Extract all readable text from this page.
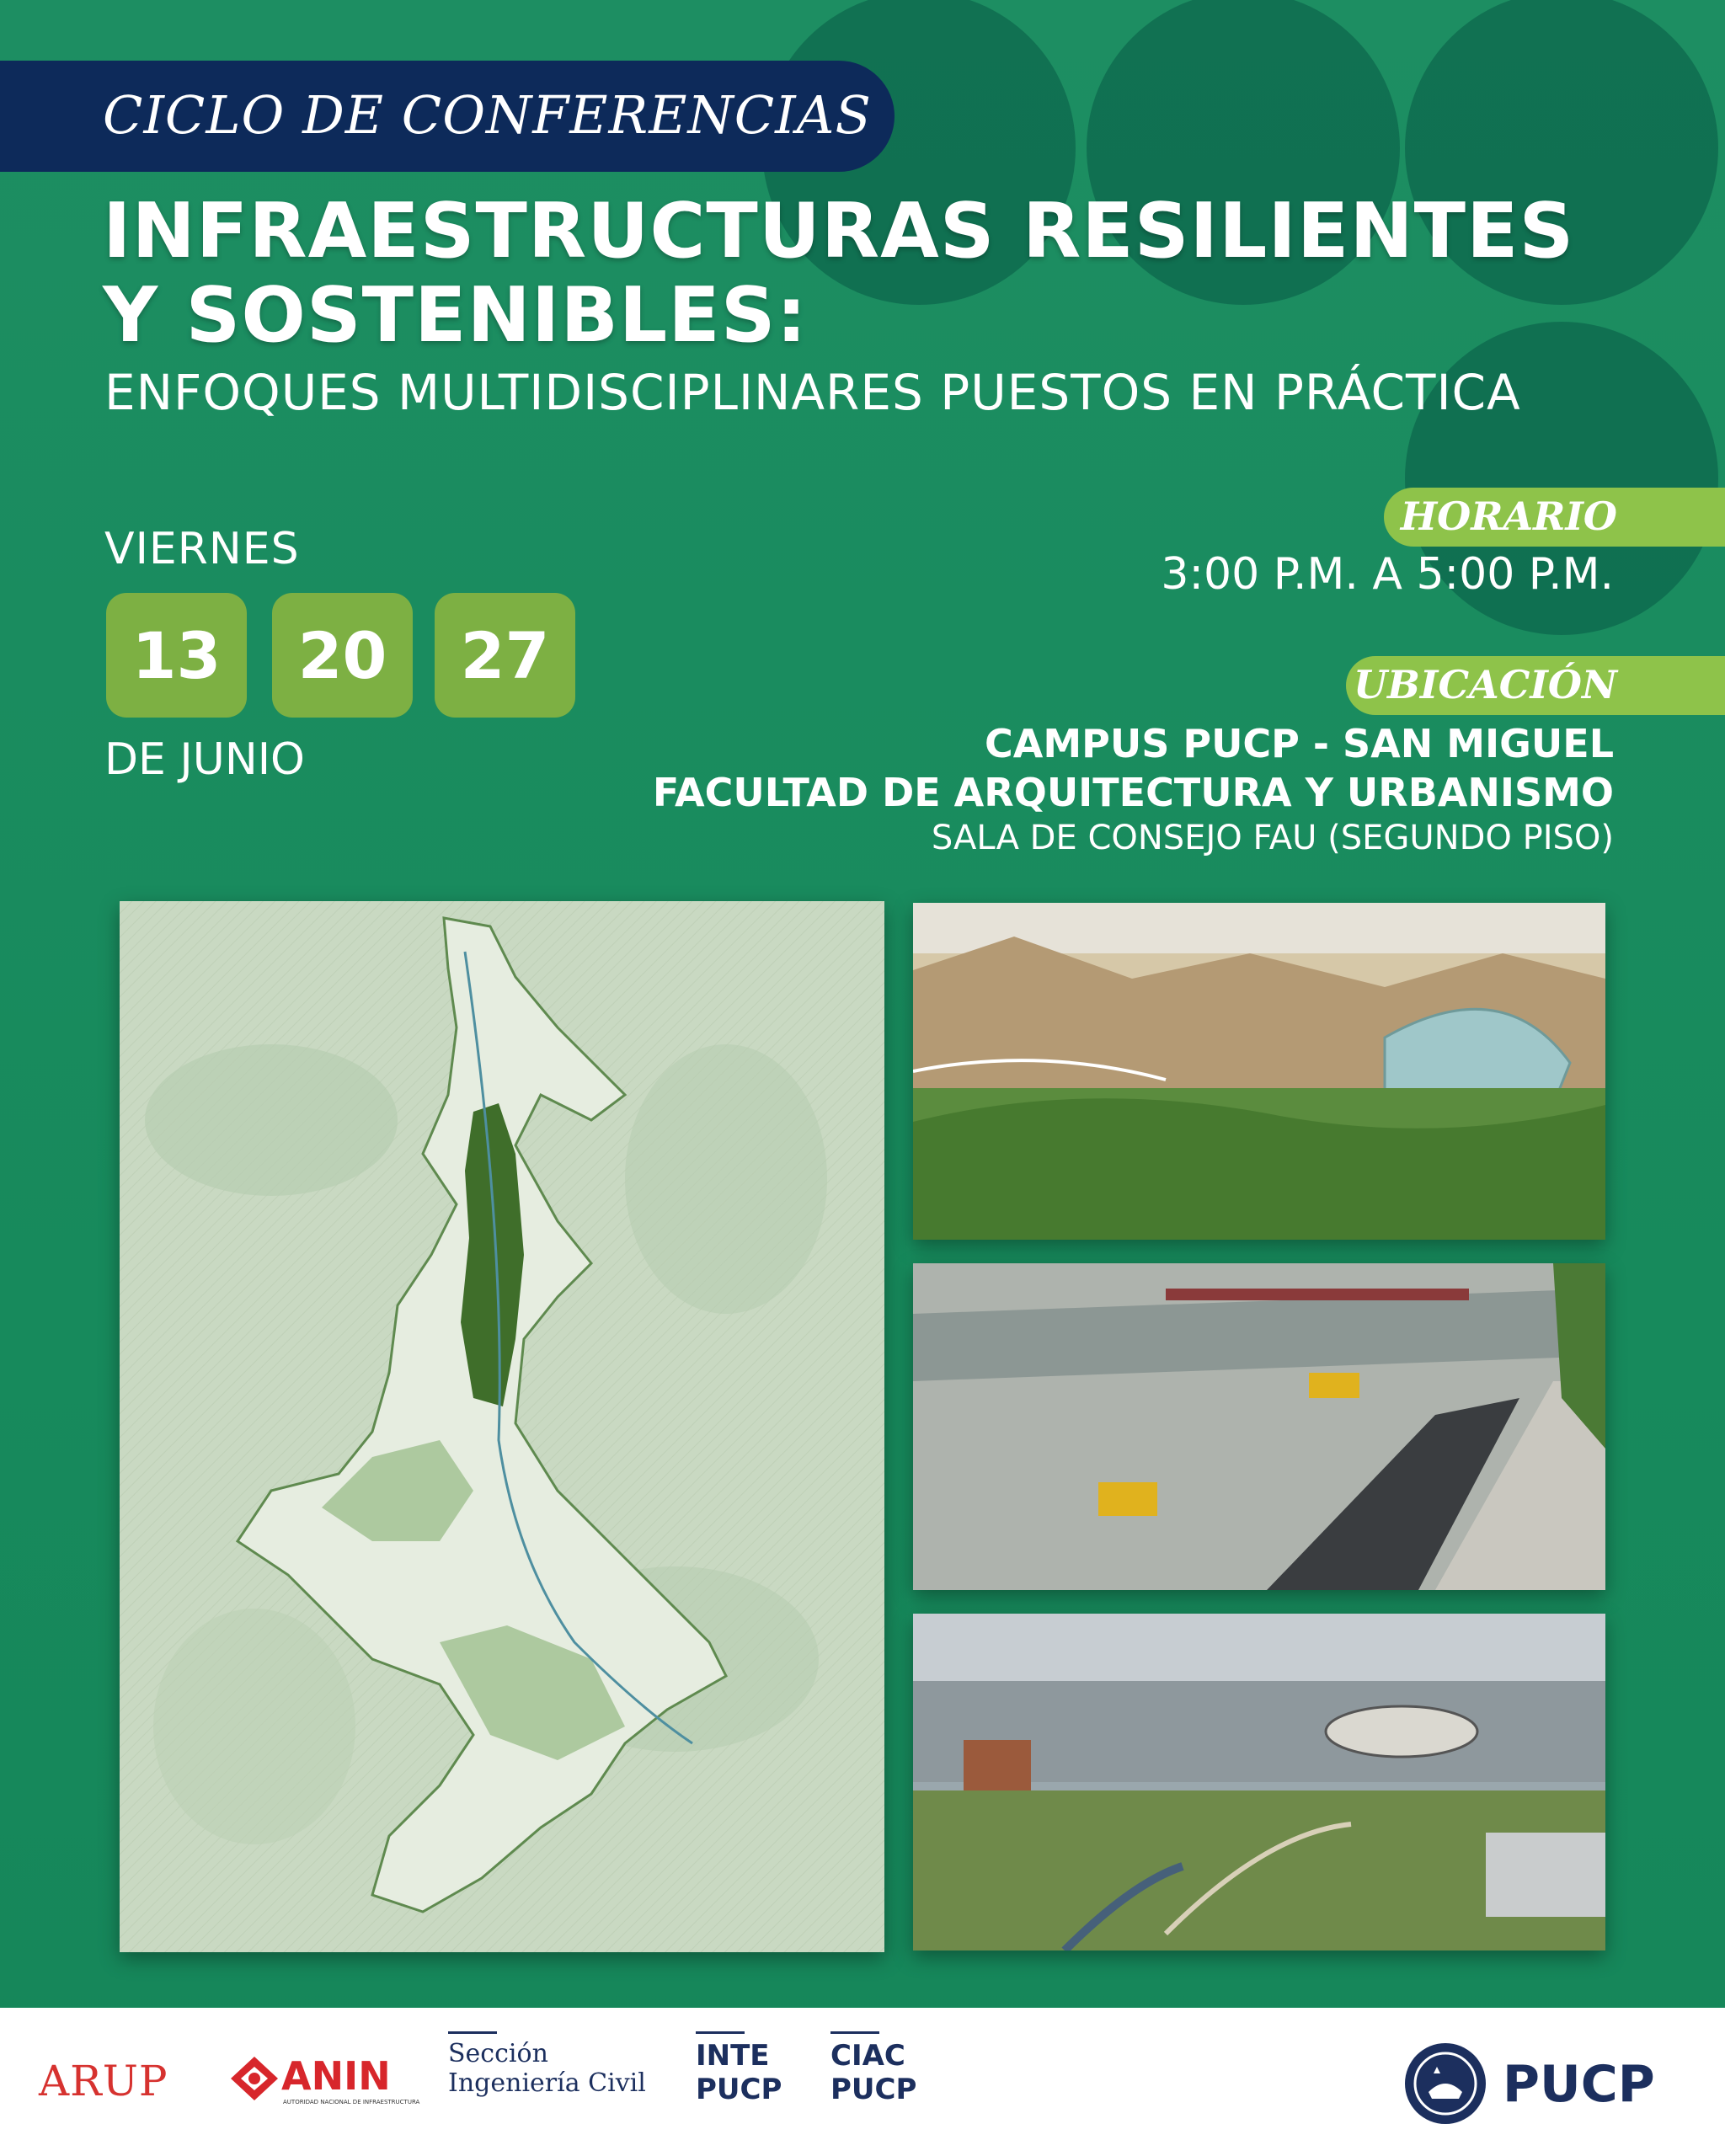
CICLO DE CONFERENCIAS
INFRAESTRUCTURAS RESILIENTES
Y SOSTENIBLES:
ENFOQUES MULTIDISCIPLINARES PUESTOS EN PRÁCTICA
VIERNES
13	20	27
DE JUNIO
HORARIO
3:00 P.M. A 5:00 P.M.
UBICACIÓN
CAMPUS PUCP - SAN MIGUEL
FACULTAD DE ARQUITECTURA Y URBANISMO
SALA DE CONSEJO FAU (SEGUNDO PISO)
ARUP	ANIN
AUTORIDAD NACIONAL DE INFRAESTRUCTURA
Sección
Ingeniería Civil
INTE
PUCP
CIAC
PUCP	PUCP
